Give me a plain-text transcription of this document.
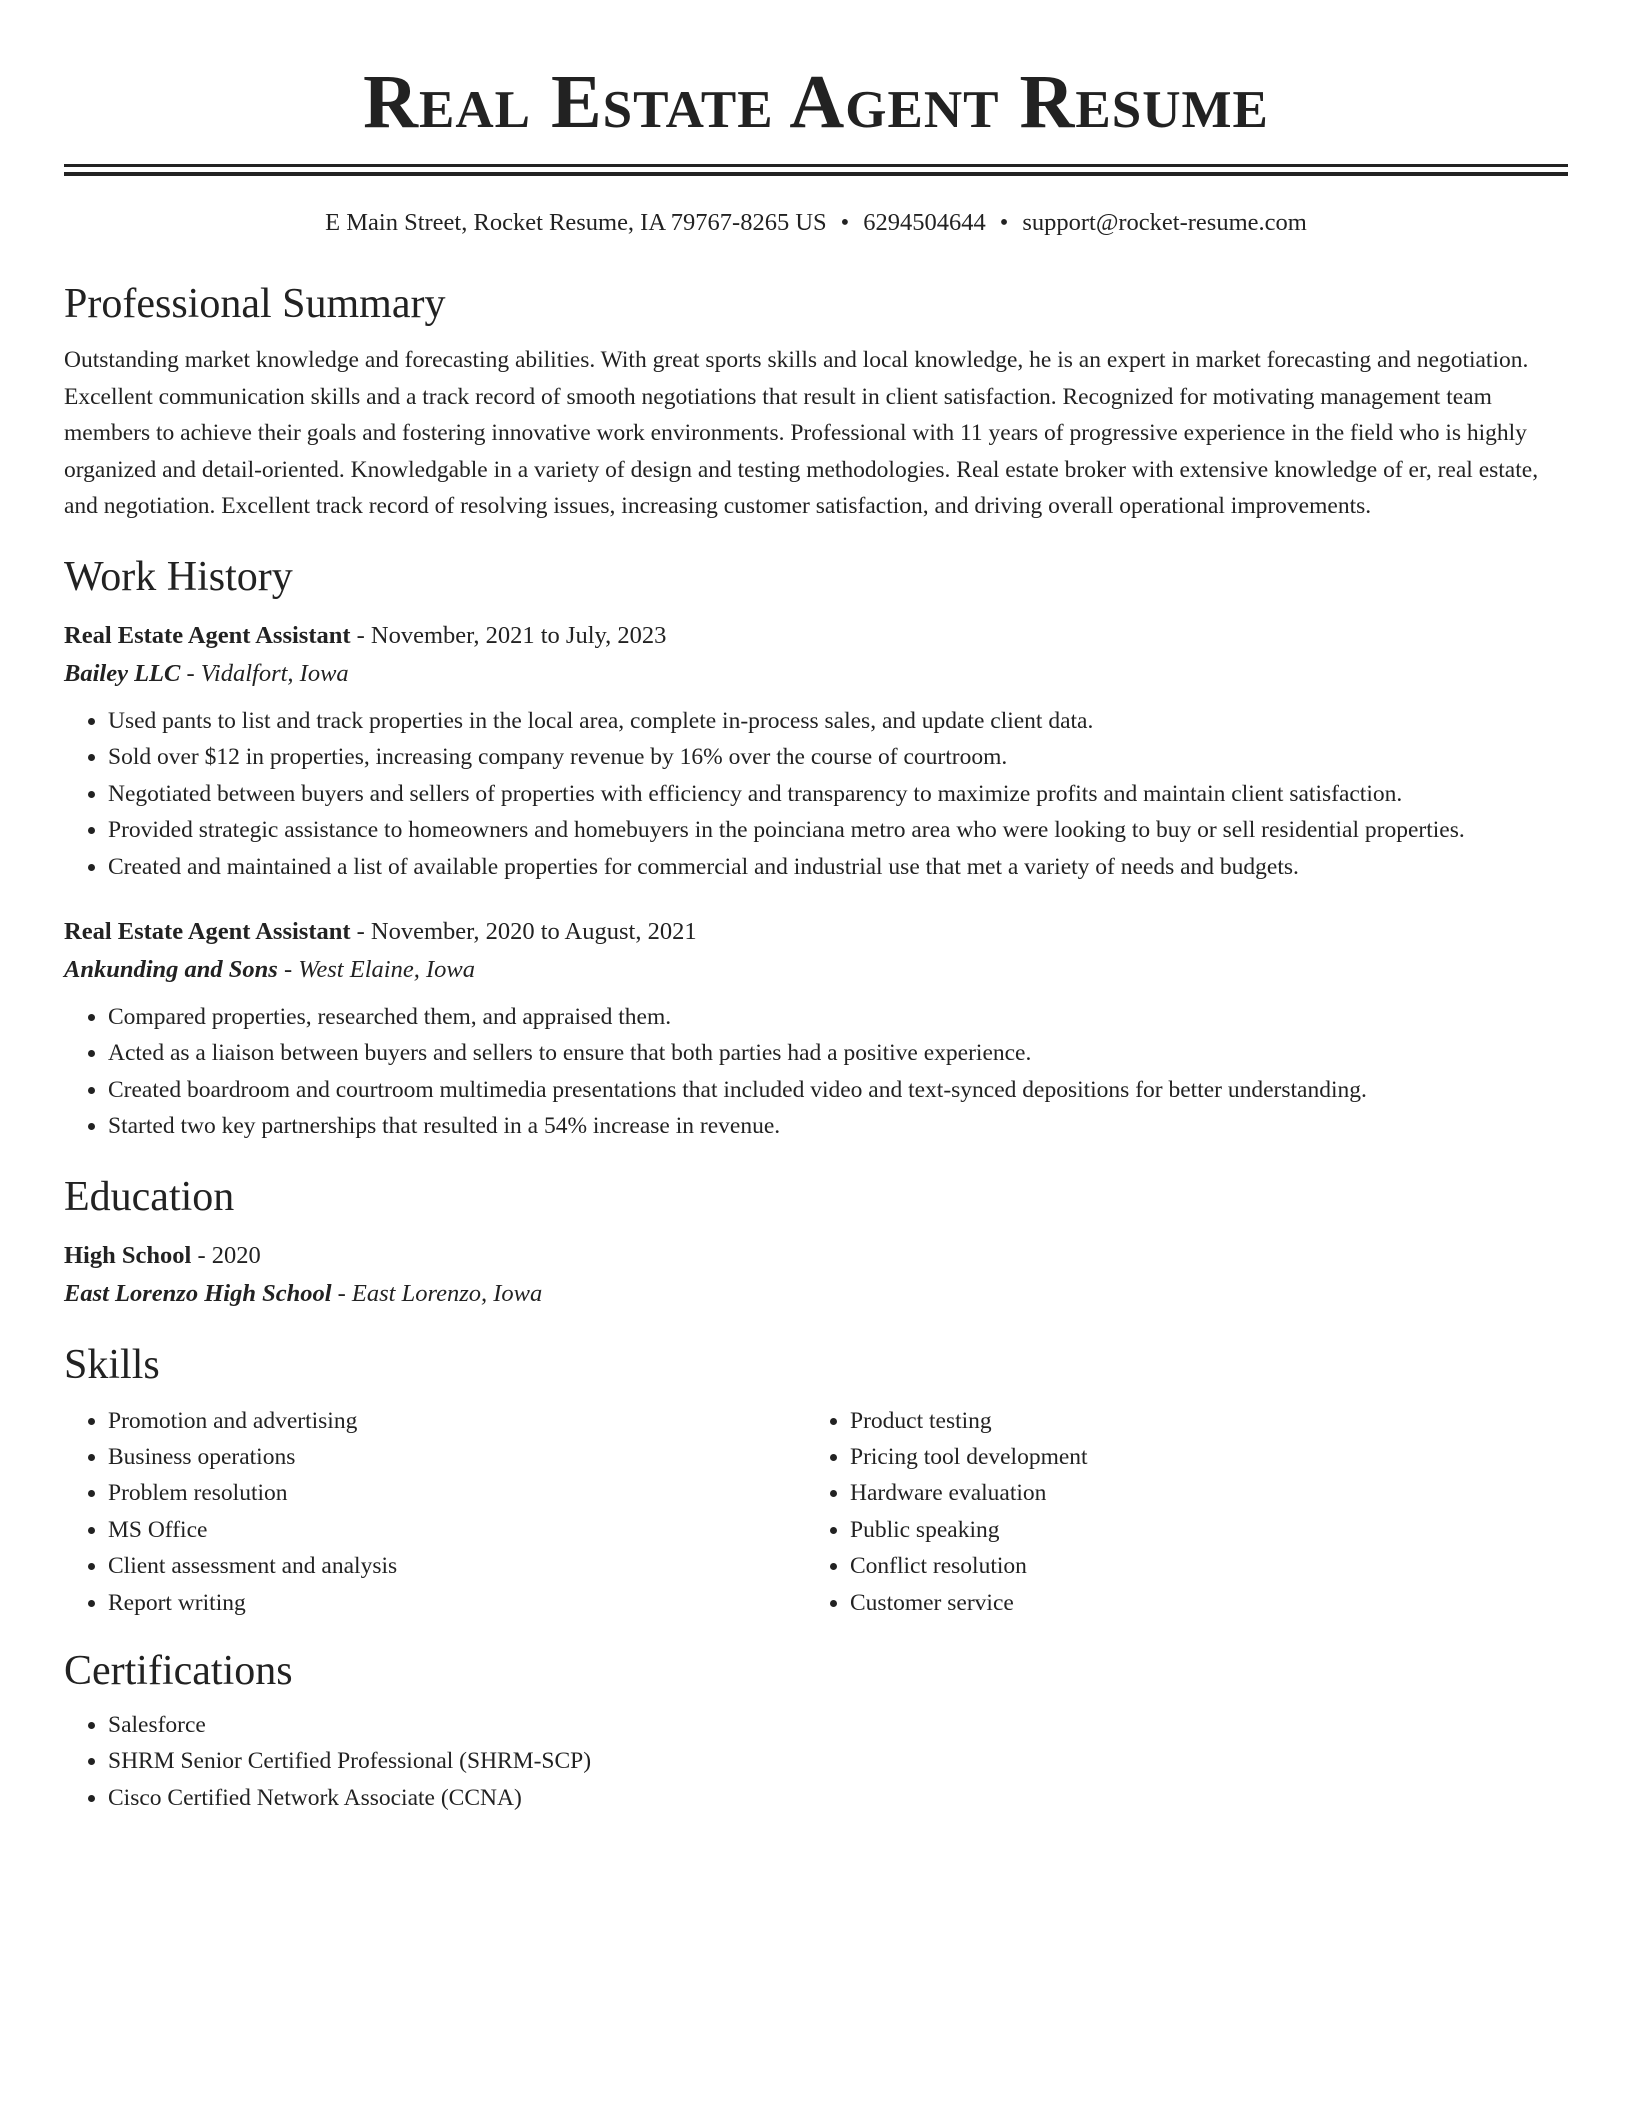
Real Estate Agent Resume
E Main Street, Rocket Resume, IA 79767-8265 US • 6294504644 • support@rocket-resume.com
Professional Summary
Outstanding market knowledge and forecasting abilities. With great sports skills and local knowledge, he is an expert in market forecasting and negotiation. Excellent communication skills and a track record of smooth negotiations that result in client satisfaction. Recognized for motivating management team members to achieve their goals and fostering innovative work environments. Professional with 11 years of progressive experience in the field who is highly organized and detail-oriented. Knowledgable in a variety of design and testing methodologies. Real estate broker with extensive knowledge of er, real estate, and negotiation. Excellent track record of resolving issues, increasing customer satisfaction, and driving overall operational improvements.
Work History
Real Estate Agent Assistant - November, 2021 to July, 2023
Bailey LLC - Vidalfort, Iowa
• Used pants to list and track properties in the local area, complete in-process sales, and update client data.
• Sold over $12 in properties, increasing company revenue by 16% over the course of courtroom.
• Negotiated between buyers and sellers of properties with efficiency and transparency to maximize profits and maintain client satisfaction.
• Provided strategic assistance to homeowners and homebuyers in the poinciana metro area who were looking to buy or sell residential properties.
• Created and maintained a list of available properties for commercial and industrial use that met a variety of needs and budgets.
Real Estate Agent Assistant - November, 2020 to August, 2021
Ankunding and Sons - West Elaine, Iowa
• Compared properties, researched them, and appraised them.
• Acted as a liaison between buyers and sellers to ensure that both parties had a positive experience.
• Created boardroom and courtroom multimedia presentations that included video and text-synced depositions for better understanding.
• Started two key partnerships that resulted in a 54% increase in revenue.
Education
High School - 2020
East Lorenzo High School - East Lorenzo, Iowa
Skills
• Promotion and advertising
• Business operations
• Problem resolution
• MS Office
• Client assessment and analysis
• Report writing
• Product testing
• Pricing tool development
• Hardware evaluation
• Public speaking
• Conflict resolution
• Customer service
Certifications
• Salesforce
• SHRM Senior Certified Professional (SHRM-SCP)
• Cisco Certified Network Associate (CCNA)
